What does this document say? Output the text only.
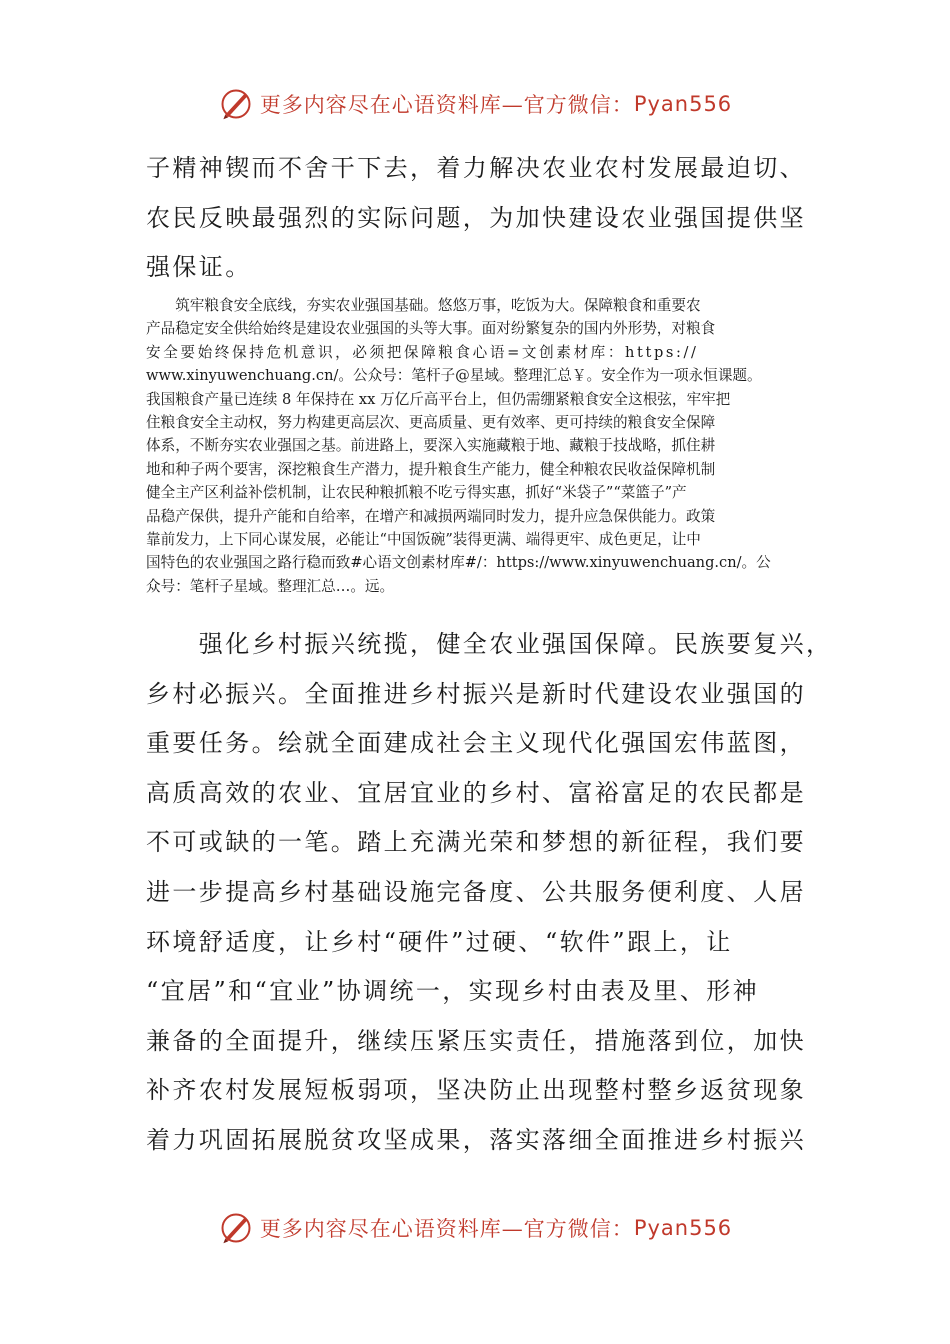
更多内容尽在心语资料库—官方微信： Pyan556
子精神锲而不舍干下去，着力解决农业农村发展最迫切、
农民反映最强烈的实际问题，为加快建设农业强国提供坚
强保证。
　　筑牢粮食安全底线，夯实农业强国基础。悠悠万事，吃饭为大。保障粮食和重要农
产品稳定安全供给始终是建设农业强国的头等大事。面对纷繁复杂的国内外形势，对粮食
安全要始终保持危机意识，必须把保障粮食心语=文创素材库：https://
www.xinyuwenchuang.cn/。公众号：笔杆子@星域。整理汇总￥。安全作为一项永恒课题。
我国粮食产量已连续 8 年保持在 xx 万亿斤高平台上，但仍需绷紧粮食安全这根弦，牢牢把
住粮食安全主动权，努力构建更高层次、更高质量、更有效率、更可持续的粮食安全保障
体系，不断夯实农业强国之基。前进路上，要深入实施藏粮于地、藏粮于技战略，抓住耕
地和种子两个要害，深挖粮食生产潜力，提升粮食生产能力，健全种粮农民收益保障机制
健全主产区利益补偿机制，让农民种粮抓粮不吃亏得实惠，抓好“米袋子”“菜篮子”产
品稳产保供，提升产能和自给率，在增产和减损两端同时发力，提升应急保供能力。政策
靠前发力，上下同心谋发展，必能让“中国饭碗”装得更满、端得更牢、成色更足，让中
国特色的农业强国之路行稳而致#心语文创素材库#/：https://www.xinyuwenchuang.cn/。公
众号：笔杆子星域。整理汇总…。远。
　　强化乡村振兴统揽，健全农业强国保障。民族要复兴，
乡村必振兴。全面推进乡村振兴是新时代建设农业强国的
重要任务。绘就全面建成社会主义现代化强国宏伟蓝图，
高质高效的农业、宜居宜业的乡村、富裕富足的农民都是
不可或缺的一笔。踏上充满光荣和梦想的新征程，我们要
进一步提高乡村基础设施完备度、公共服务便利度、人居
环境舒适度，让乡村“硬件”过硬、“软件”跟上，让
“宜居”和“宜业”协调统一，实现乡村由表及里、形神
兼备的全面提升，继续压紧压实责任，措施落到位，加快
补齐农村发展短板弱项，坚决防止出现整村整乡返贫现象
着力巩固拓展脱贫攻坚成果，落实落细全面推进乡村振兴
更多内容尽在心语资料库—官方微信： Pyan556
